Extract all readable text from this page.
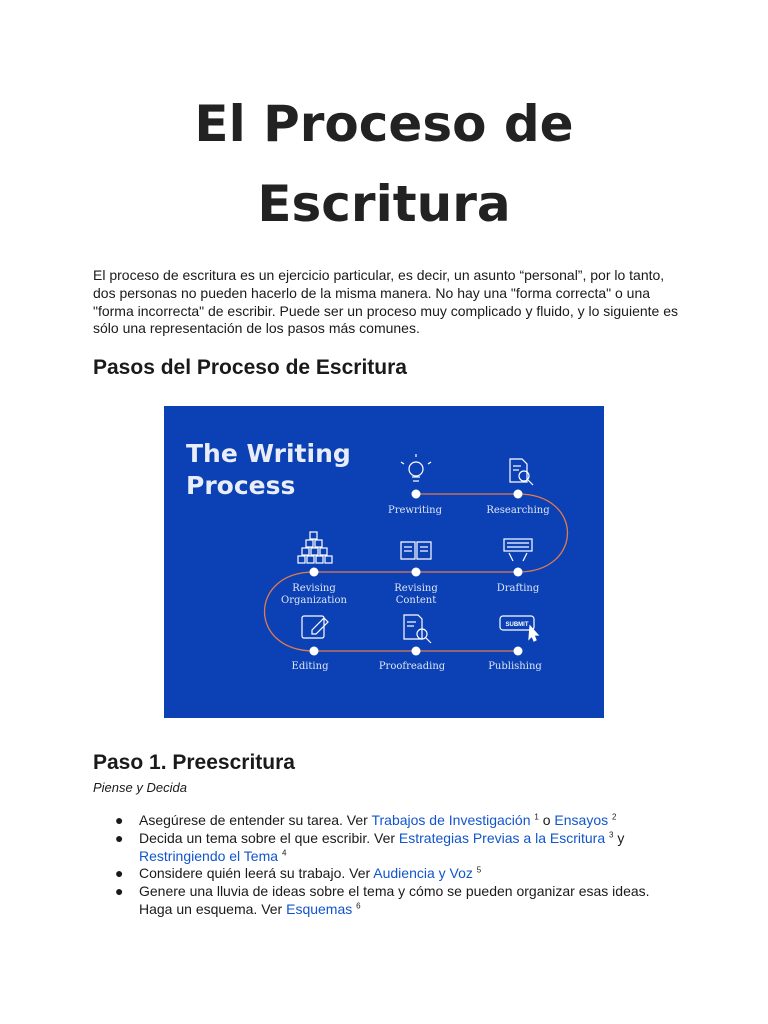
El Proceso de
Escritura

El proceso de escritura es un ejercicio particular, es decir, un asunto “personal”, por lo tanto, dos personas no pueden hacerlo de la misma manera. No hay una "forma correcta" o una "forma incorrecta" de escribir. Puede ser un proceso muy complicado y fluido, y lo siguiente es sólo una representación de los pasos más comunes.

Pasos del Proceso de Escritura
The Writing
Process
SUBMIT
Prewriting	Researching
Revising
Organization
Revising
Content
Drafting
Editing	Proofreading	Publishing
Paso 1. Preescritura

Piense y Decida

● Asegúrese de entender su tarea. Ver Trabajos de Investigación $^1$ o Ensayos $^2$
● Decida un tema sobre el que escribir. Ver Estrategias Previas a la Escritura $^3$ y
Restringiendo el Tema $^4$
● Considere quién leerá su trabajo. Ver Audiencia y Voz $^5$
● Genere una lluvia de ideas sobre el tema y cómo se pueden organizar esas ideas. Haga un esquema. Ver Esquemas $^6$
